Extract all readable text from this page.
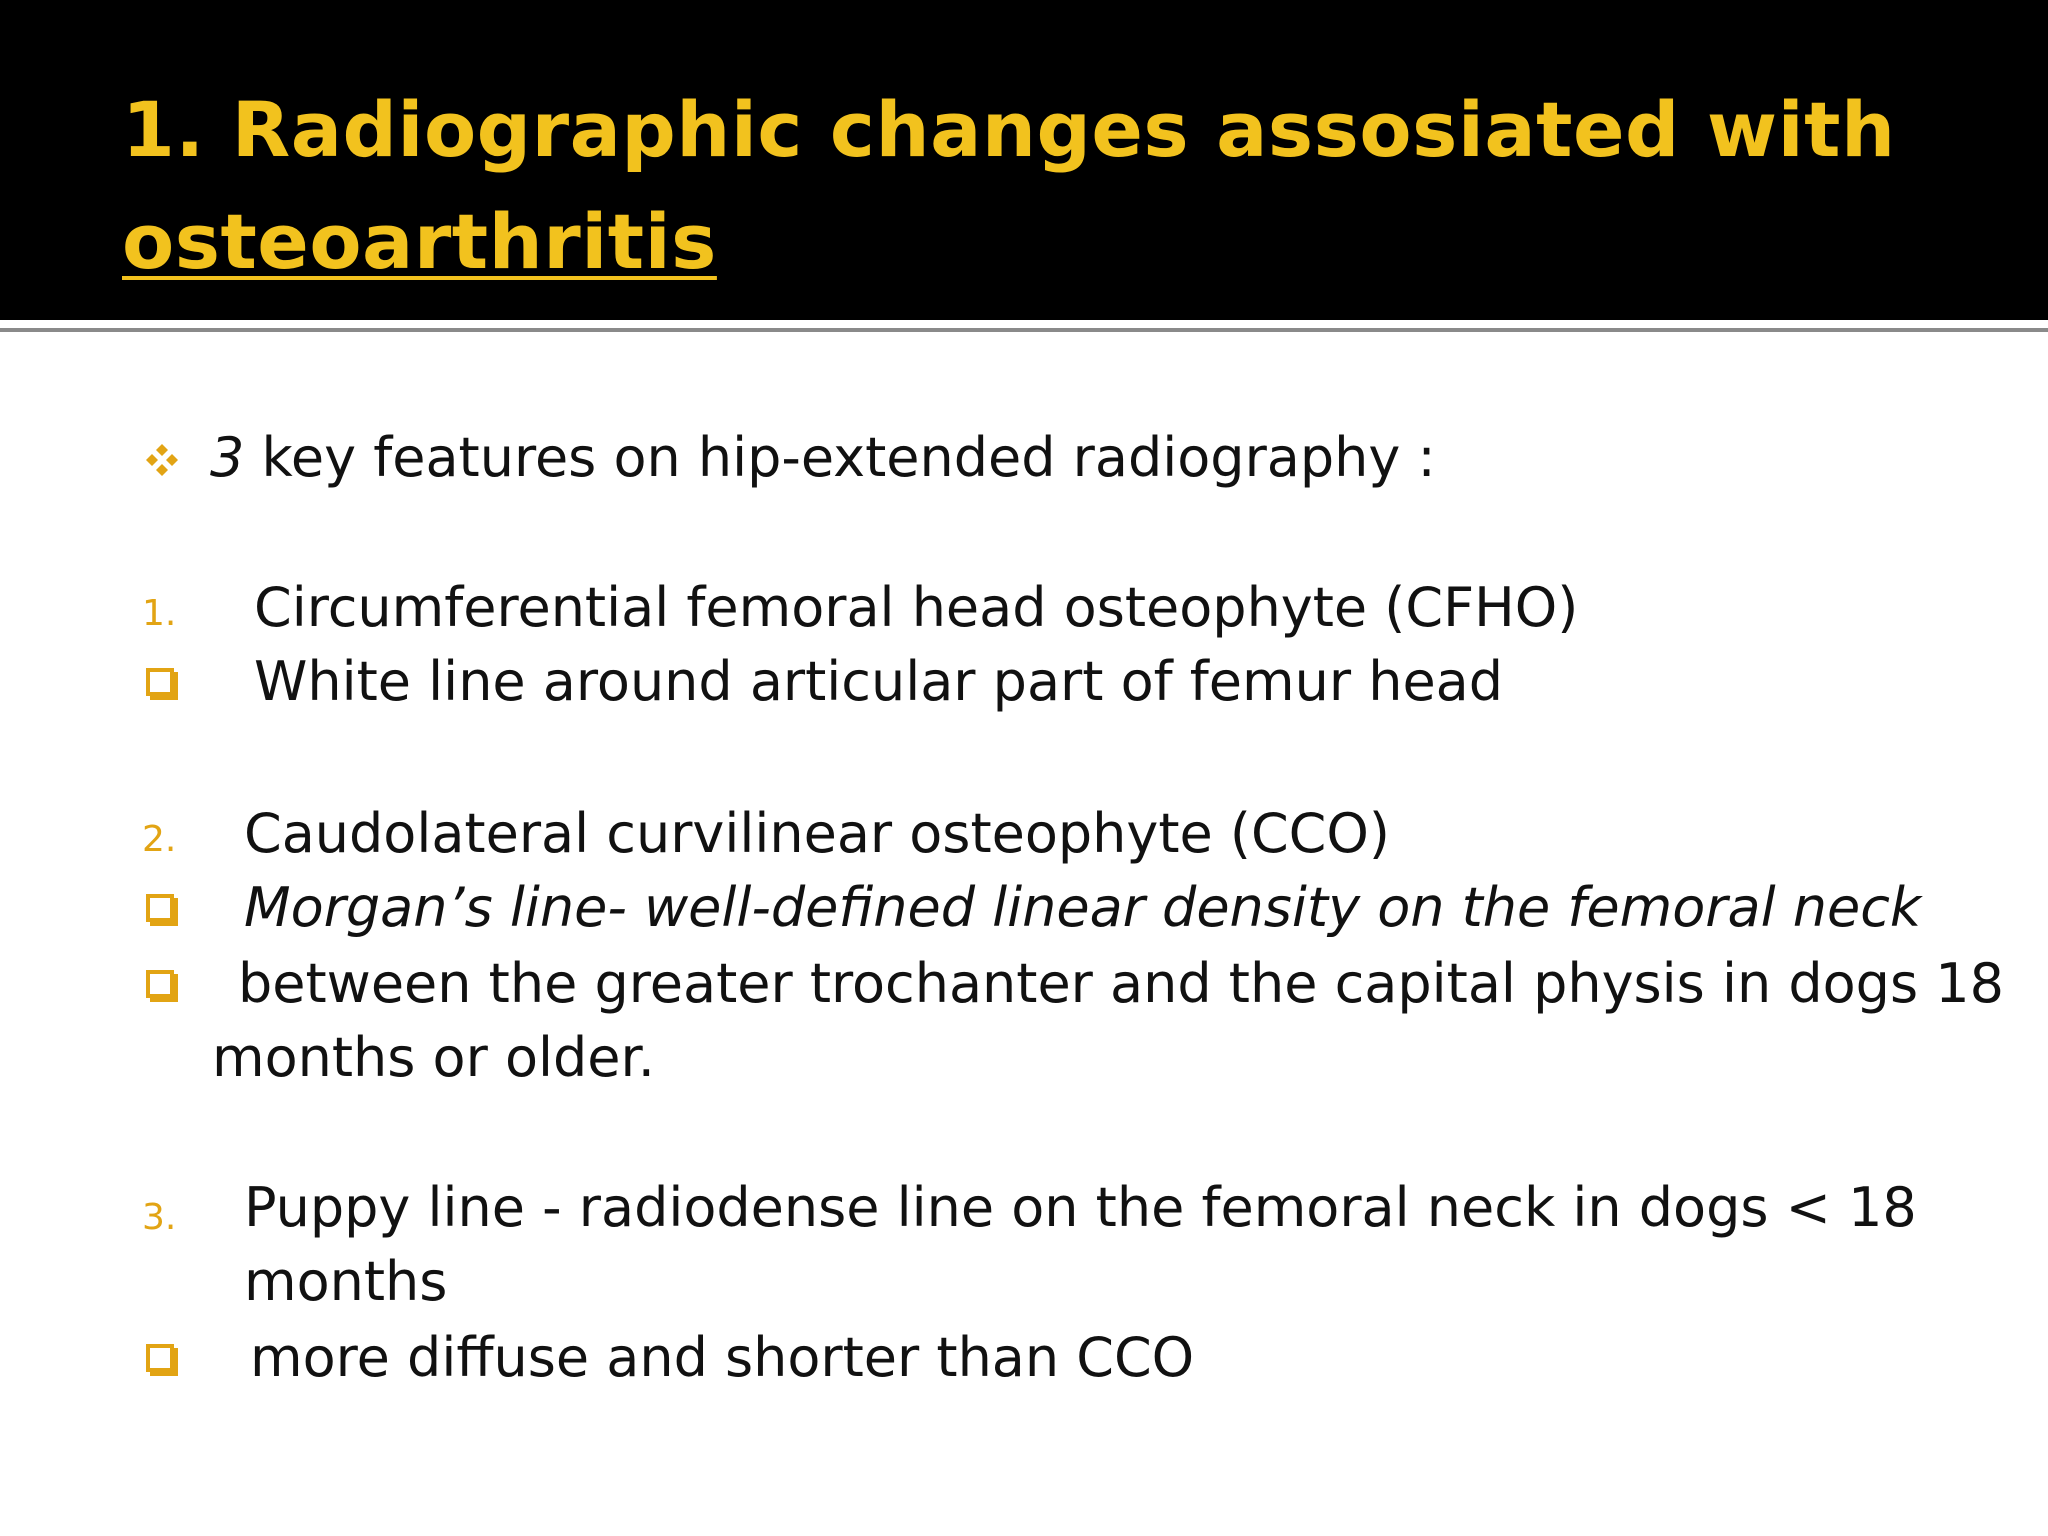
1. Radiographic changes assosiated with
osteoarthritis
3 key features on hip-extended radiography :
1. Circumferential femoral head osteophyte (CFHO)
White line around articular part of femur head
2. Caudolateral curvilinear osteophyte (CCO)
Morgan’s line- well-defined linear density on the femoral neck
between the greater trochanter and the capital physis in dogs 18
months or older.
3. Puppy line - radiodense line on the femoral neck in dogs < 18
months
more diffuse and shorter than CCO
